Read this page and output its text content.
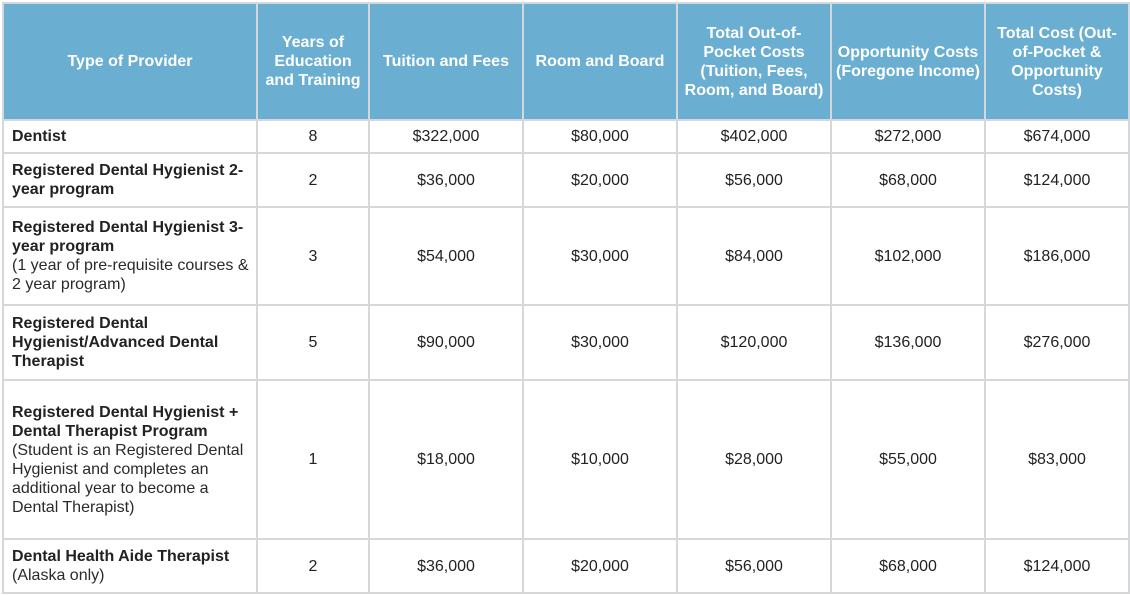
Type of Provider	Years of Education and Training	Tuition and Fees	Room and Board	Total Out-of-Pocket Costs (Tuition, Fees, Room, and Board)	Opportunity Costs (Foregone Income)	Total Cost (Out-of-Pocket & Opportunity Costs)
Dentist	8	$322,000	$80,000	$402,000	$272,000	$674,000
Registered Dental Hygienist 2-year program	2	$36,000	$20,000	$56,000	$68,000	$124,000
Registered Dental Hygienist 3-year program
(1 year of pre-requisite courses & 2 year program)	3	$54,000	$30,000	$84,000	$102,000	$186,000
Registered Dental Hygienist/Advanced Dental Therapist	5	$90,000	$30,000	$120,000	$136,000	$276,000
Registered Dental Hygienist + Dental Therapist Program
(Student is an Registered Dental Hygienist and completes an additional year to become a Dental Therapist)	1	$18,000	$10,000	$28,000	$55,000	$83,000
Dental Health Aide Therapist (Alaska only)	2	$36,000	$20,000	$56,000	$68,000	$124,000
